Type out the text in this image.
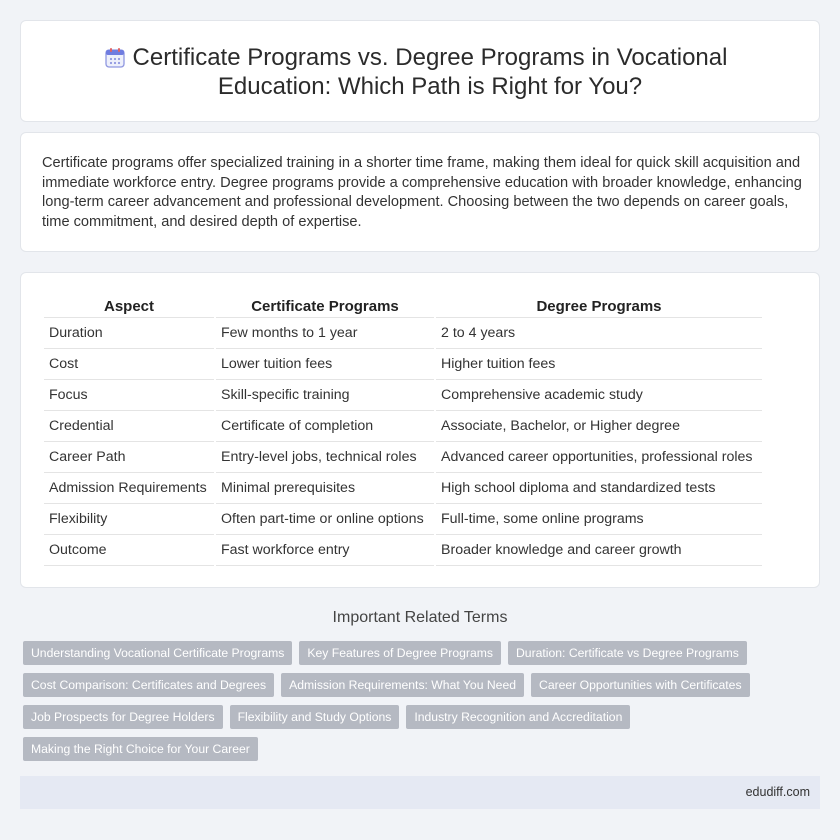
Certificate Programs vs. Degree Programs in Vocational Education: Which Path is Right for You?

Certificate programs offer specialized training in a shorter time frame, making them ideal for quick skill acquisition and immediate workforce entry. Degree programs provide a comprehensive education with broader knowledge, enhancing long-term career advancement and professional development. Choosing between the two depends on career goals, time commitment, and desired depth of expertise.

Aspect	Certificate Programs	Degree Programs
Duration	Few months to 1 year	2 to 4 years
Cost	Lower tuition fees	Higher tuition fees
Focus	Skill-specific training	Comprehensive academic study
Credential	Certificate of completion	Associate, Bachelor, or Higher degree
Career Path	Entry-level jobs, technical roles	Advanced career opportunities, professional roles
Admission Requirements	Minimal prerequisites	High school diploma and standardized tests
Flexibility	Often part-time or online options	Full-time, some online programs
Outcome	Fast workforce entry	Broader knowledge and career growth
Important Related Terms
Understanding Vocational Certificate Programs	Key Features of Degree Programs	Duration: Certificate vs Degree Programs
Cost Comparison: Certificates and Degrees	Admission Requirements: What You Need	Career Opportunities with Certificates
Job Prospects for Degree Holders	Flexibility and Study Options	Industry Recognition and Accreditation
Making the Right Choice for Your Career
edudiff.com
